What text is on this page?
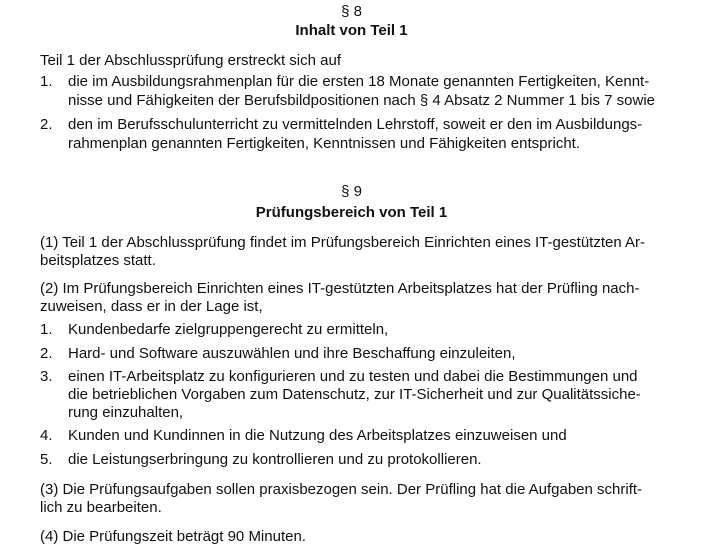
§ 8
Inhalt von Teil 1
Teil 1 der Abschlussprüfung erstreckt sich auf
1. die im Ausbildungsrahmenplan für die ersten 18 Monate genannten Fertigkeiten, Kennt-
nisse und Fähigkeiten der Berufsbildpositionen nach § 4 Absatz 2 Nummer 1 bis 7 sowie
2. den im Berufsschulunterricht zu vermittelnden Lehrstoff, soweit er den im Ausbildungs-
rahmenplan genannten Fertigkeiten, Kenntnissen und Fähigkeiten entspricht.
§ 9
Prüfungsbereich von Teil 1
(1) Teil 1 der Abschlussprüfung findet im Prüfungsbereich Einrichten eines IT-gestützten Ar-
beitsplatzes statt.
(2) Im Prüfungsbereich Einrichten eines IT-gestützten Arbeitsplatzes hat der Prüfling nach-
zuweisen, dass er in der Lage ist,
1. Kundenbedarfe zielgruppengerecht zu ermitteln,
2. Hard- und Software auszuwählen und ihre Beschaffung einzuleiten,
3. einen IT-Arbeitsplatz zu konfigurieren und zu testen und dabei die Bestimmungen und
die betrieblichen Vorgaben zum Datenschutz, zur IT-Sicherheit und zur Qualitätssiche-
rung einzuhalten,
4. Kunden und Kundinnen in die Nutzung des Arbeitsplatzes einzuweisen und
5. die Leistungserbringung zu kontrollieren und zu protokollieren.
(3) Die Prüfungsaufgaben sollen praxisbezogen sein. Der Prüfling hat die Aufgaben schrift-
lich zu bearbeiten.
(4) Die Prüfungszeit beträgt 90 Minuten.
